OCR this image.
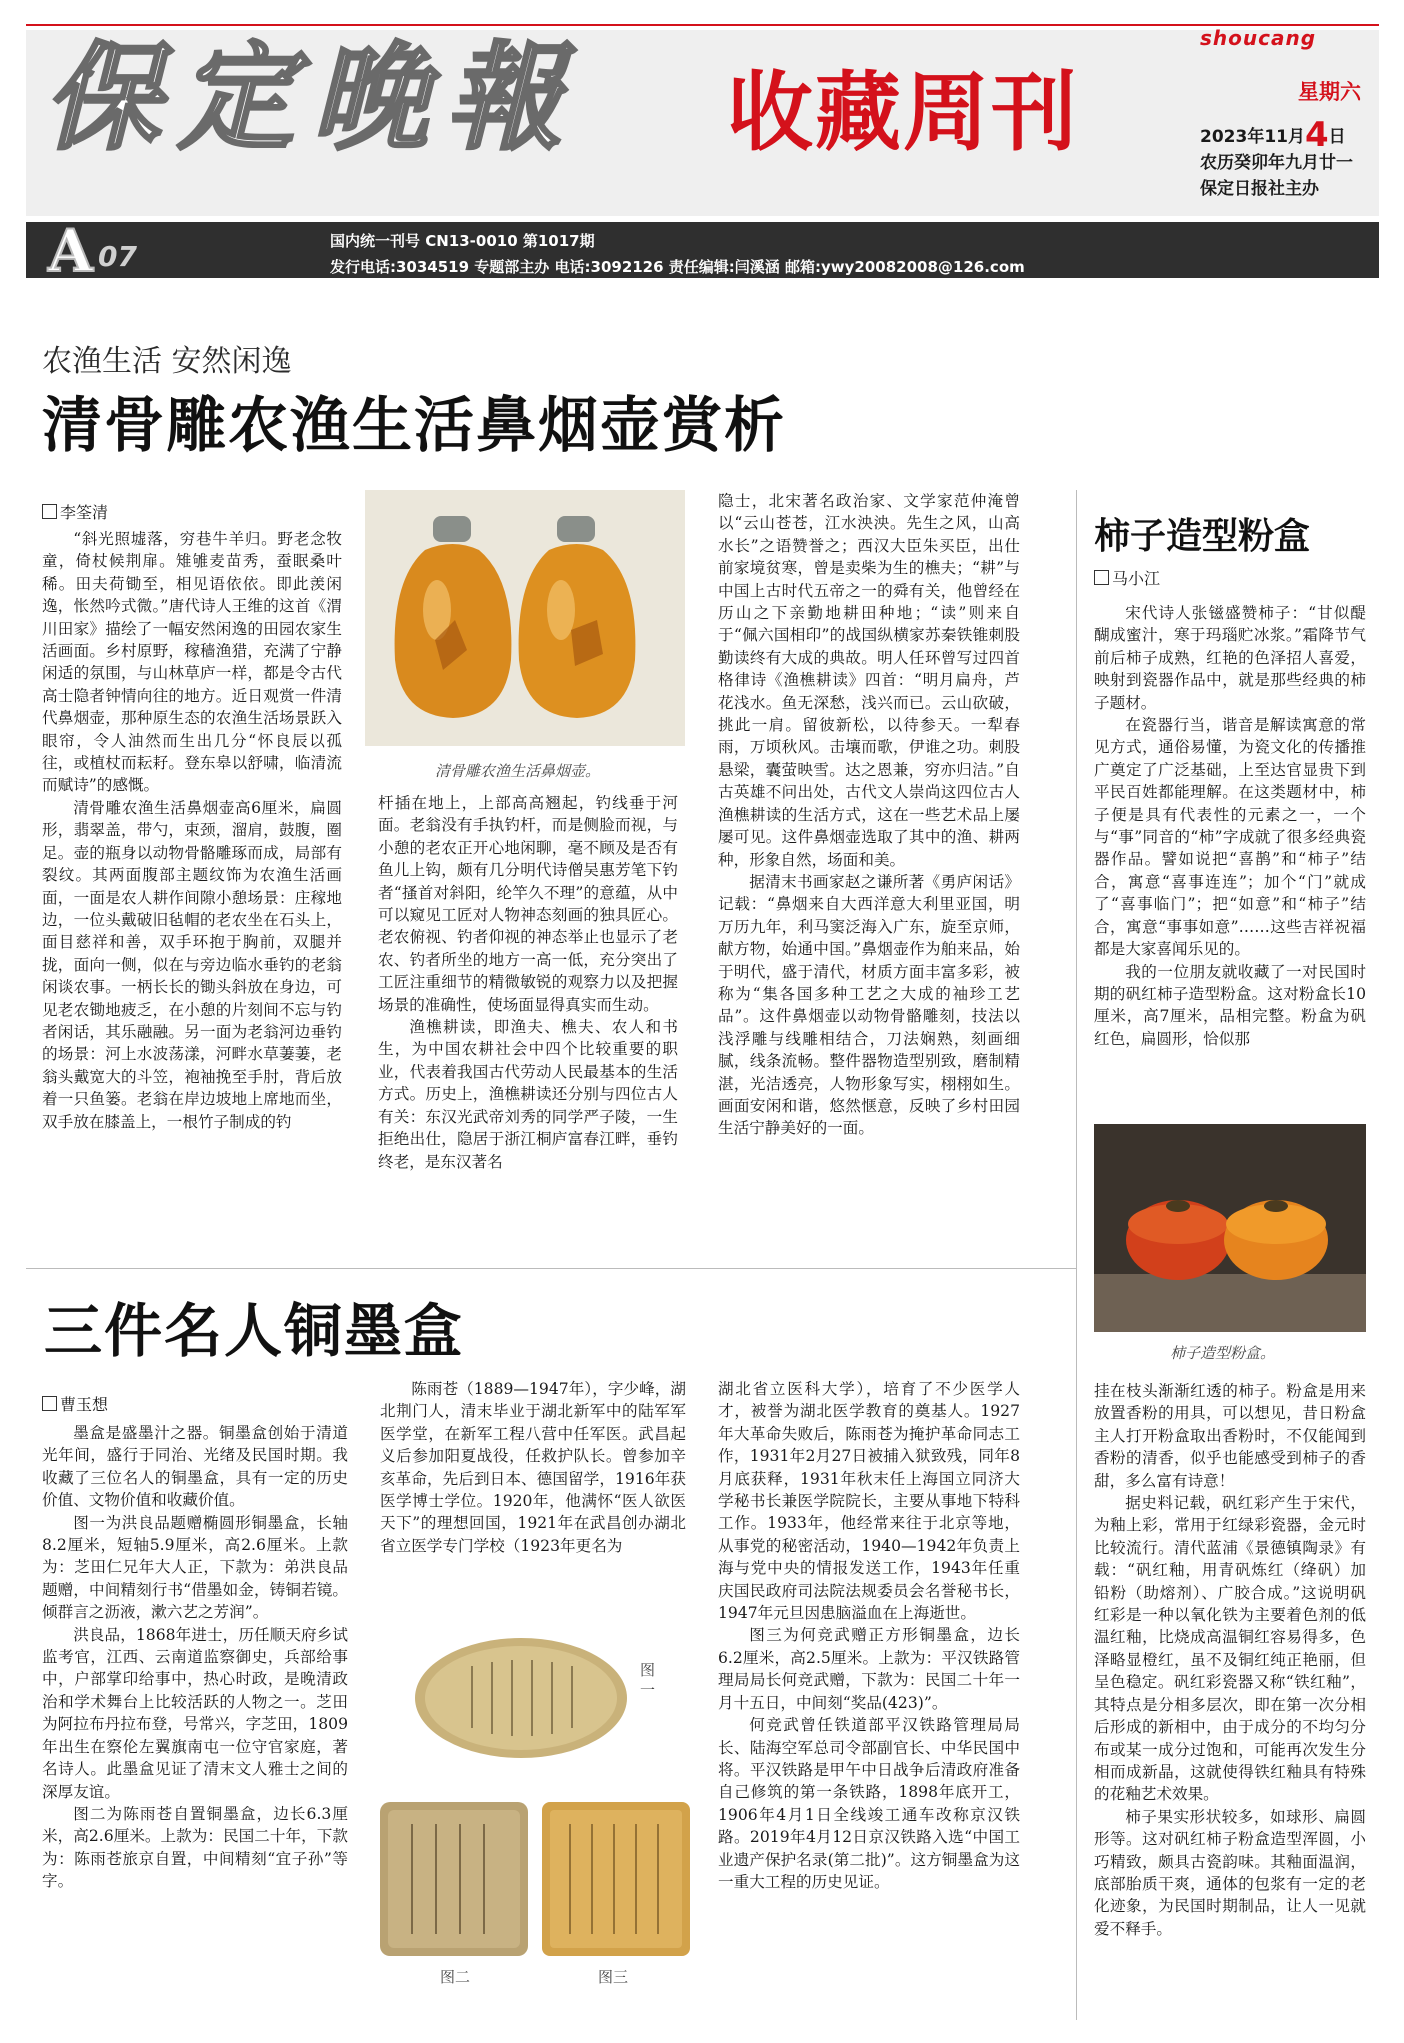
shoucang
保定晚報 收藏周刊	星期六
2023年11月4日
农历癸卯年九月廿一
保定日报社主办
A 07	国内统一刊号 CN13-0010 第1017期
发行电话:3034519 专题部主办 电话:3092126 责任编辑:闫溪涵 邮箱:ywy20082008@126.com
农渔生活 安然闲逸
清骨雕农渔生活鼻烟壶赏析
李筌清

“斜光照墟落，穷巷牛羊归。野老念牧童，倚杖候荆扉。雉雊麦苗秀，蚕眠桑叶稀。田夫荷锄至，相见语依依。即此羡闲逸，怅然吟式微。”唐代诗人王维的这首《渭川田家》描绘了一幅安然闲逸的田园农家生活画面。乡村原野，稼穑渔猎，充满了宁静闲适的氛围，与山林草庐一样，都是令古代高士隐者钟情向往的地方。近日观赏一件清代鼻烟壶，那种原生态的农渔生活场景跃入眼帘，令人油然而生出几分“怀良辰以孤往，或植杖而耘耔。登东皋以舒啸，临清流而赋诗”的感慨。

清骨雕农渔生活鼻烟壶高6厘米，扁圆形，翡翠盖，带勺，束颈，溜肩，鼓腹，圈足。壶的瓶身以动物骨骼雕琢而成，局部有裂纹。其两面腹部主题纹饰为农渔生活画面，一面是农人耕作间隙小憩场景：庄稼地边，一位头戴破旧毡帽的老农坐在石头上，面目慈祥和善，双手环抱于胸前，双腿并拢，面向一侧，似在与旁边临水垂钓的老翁闲谈农事。一柄长长的锄头斜放在身边，可见老农锄地疲乏，在小憩的片刻间不忘与钓者闲话，其乐融融。另一面为老翁河边垂钓的场景：河上水波荡漾，河畔水草萋萋，老翁头戴宽大的斗笠，袍袖挽至手肘，背后放着一只鱼篓。老翁在岸边坡地上席地而坐，双手放在膝盖上，一根竹子制成的钓

清骨雕农渔生活鼻烟壶。

杆插在地上，上部高高翘起，钓线垂于河面。老翁没有手执钓杆，而是侧脸而视，与小憩的老农正开心地闲聊，毫不顾及是否有鱼儿上钩，颇有几分明代诗僧吴惠芳笔下钓者“搔首对斜阳，纶竿久不理”的意蕴，从中可以窥见工匠对人物神态刻画的独具匠心。老农俯视、钓者仰视的神态举止也显示了老农、钓者所坐的地方一高一低，充分突出了工匠注重细节的精微敏锐的观察力以及把握场景的准确性，使场面显得真实而生动。

渔樵耕读，即渔夫、樵夫、农人和书生，为中国农耕社会中四个比较重要的职业，代表着我国古代劳动人民最基本的生活方式。历史上，渔樵耕读还分别与四位古人有关：东汉光武帝刘秀的同学严子陵，一生拒绝出仕，隐居于浙江桐庐富春江畔，垂钓终老，是东汉著名

隐士，北宋著名政治家、文学家范仲淹曾以“云山苍苍，江水泱泱。先生之风，山高水长”之语赞誉之；西汉大臣朱买臣，出仕前家境贫寒，曾是卖柴为生的樵夫；“耕”与中国上古时代五帝之一的舜有关，他曾经在历山之下亲勤地耕田种地；“读”则来自于“佩六国相印”的战国纵横家苏秦铁锥刺股勤读终有大成的典故。明人任环曾写过四首格律诗《渔樵耕读》四首：“明月扁舟，芦花浅水。鱼无深愁，浅兴而已。云山砍破，挑此一肩。留彼新松，以待参天。一犁春雨，万顷秋风。击壤而歌，伊谁之功。刺股悬梁，囊萤映雪。达之恩兼，穷亦归洁。”自古英雄不问出处，古代文人崇尚这四位古人渔樵耕读的生活方式，这在一些艺术品上屡屡可见。这件鼻烟壶选取了其中的渔、耕两种，形象自然，场面和美。

据清末书画家赵之谦所著《勇庐闲话》记载：“鼻烟来自大西洋意大利里亚国，明万历九年，利马窦泛海入广东，旋至京师，献方物，始通中国。”鼻烟壶作为舶来品，始于明代，盛于清代，材质方面丰富多彩，被称为“集各国多种工艺之大成的袖珍工艺品”。这件鼻烟壶以动物骨骼雕刻，技法以浅浮雕与线雕相结合，刀法娴熟，刻画细腻，线条流畅。整件器物造型别致，磨制精湛，光洁透亮，人物形象写实，栩栩如生。画面安闲和谐，悠然惬意，反映了乡村田园生活宁静美好的一面。

柿子造型粉盒
马小江

宋代诗人张镃盛赞柿子：“甘似醍醐成蜜汁，寒于玛瑙贮冰浆。”霜降节气前后柿子成熟，红艳的色泽招人喜爱，映射到瓷器作品中，就是那些经典的柿子题材。

在瓷器行当，谐音是解读寓意的常见方式，通俗易懂，为瓷文化的传播推广奠定了广泛基础，上至达官显贵下到平民百姓都能理解。在这类题材中，柿子便是具有代表性的元素之一，一个与“事”同音的“柿”字成就了很多经典瓷器作品。譬如说把“喜鹊”和“柿子”结合，寓意“喜事连连”；加个“门”就成了“喜事临门”；把“如意”和“柿子”结合，寓意“事事如意”……这些吉祥祝福都是大家喜闻乐见的。

我的一位朋友就收藏了一对民国时期的矾红柿子造型粉盒。这对粉盒长10厘米，高7厘米，品相完整。粉盒为矾红色，扁圆形，恰似那

柿子造型粉盒。

挂在枝头渐渐红透的柿子。粉盒是用来放置香粉的用具，可以想见，昔日粉盒主人打开粉盒取出香粉时，不仅能闻到香粉的清香，似乎也能感受到柿子的香甜，多么富有诗意！

据史料记载，矾红彩产生于宋代，为釉上彩，常用于红绿彩瓷器，金元时比较流行。清代蓝浦《景德镇陶录》有载：“矾红釉，用青矾炼红（绛矾）加铅粉（助熔剂）、广胶合成。”这说明矾红彩是一种以氧化铁为主要着色剂的低温红釉，比烧成高温铜红容易得多，色泽略显橙红，虽不及铜红纯正艳丽，但呈色稳定。矾红彩瓷器又称“铁红釉”，其特点是分相多层次，即在第一次分相后形成的新相中，由于成分的不均匀分布或某一成分过饱和，可能再次发生分相而成新晶，这就使得铁红釉具有特殊的花釉艺术效果。

柿子果实形状较多，如球形、扁圆形等。这对矾红柿子粉盒造型浑圆，小巧精致，颇具古瓷韵味。其釉面温润，底部胎质干爽，通体的包浆有一定的老化迹象，为民国时期制品，让人一见就爱不释手。

三件名人铜墨盒
曹玉想

墨盒是盛墨汁之器。铜墨盒创始于清道光年间，盛行于同治、光绪及民国时期。我收藏了三位名人的铜墨盒，具有一定的历史价值、文物价值和收藏价值。

图一为洪良品题赠椭圆形铜墨盒，长轴8.2厘米，短轴5.9厘米，高2.6厘米。上款为：芝田仁兄年大人正，下款为：弟洪良品题赠，中间精刻行书“借墨如金，铸铜若镜。倾群言之沥液，漱六艺之芳润”。

洪良品，1868年进士，历任顺天府乡试监考官，江西、云南道监察御史，兵部给事中，户部掌印给事中，热心时政，是晚清政治和学术舞台上比较活跃的人物之一。芝田为阿拉布丹拉布登，号常兴，字芝田，1809年出生在察伦左翼旗南屯一位守官家庭，著名诗人。此墨盒见证了清末文人雅士之间的深厚友谊。

图二为陈雨苍自置铜墨盒，边长6.3厘米，高2.6厘米。上款为：民国二十年，下款为：陈雨苍旅京自置，中间精刻“宜子孙”等字。

陈雨苍（1889—1947年），字少峰，湖北荆门人，清末毕业于湖北新军中的陆军军医学堂，在新军工程八营中任军医。武昌起义后参加阳夏战役，任救护队长。曾参加辛亥革命，先后到日本、德国留学，1916年获医学博士学位。1920年，他满怀“医人欲医天下”的理想回国，1921年在武昌创办湖北省立医学专门学校（1923年更名为

图一
图二	图三

湖北省立医科大学），培育了不少医学人才，被誉为湖北医学教育的奠基人。1927年大革命失败后，陈雨苍为掩护革命同志工作，1931年2月27日被捕入狱致残，同年8月底获释，1931年秋末任上海国立同济大学秘书长兼医学院院长，主要从事地下特科工作。1933年，他经常来往于北京等地，从事党的秘密活动，1940—1942年负责上海与党中央的情报发送工作，1943年任重庆国民政府司法院法规委员会名誉秘书长，1947年元旦因患脑溢血在上海逝世。

图三为何竞武赠正方形铜墨盒，边长6.2厘米，高2.5厘米。上款为：平汉铁路管理局局长何竞武赠，下款为：民国二十年一月十五日，中间刻“奖品(423)”。

何竞武曾任铁道部平汉铁路管理局局长、陆海空军总司令部副官长、中华民国中将。平汉铁路是甲午中日战争后清政府准备自己修筑的第一条铁路，1898年底开工，1906年4月1日全线竣工通车改称京汉铁路。2019年4月12日京汉铁路入选“中国工业遗产保护名录(第二批)”。这方铜墨盒为这一重大工程的历史见证。
